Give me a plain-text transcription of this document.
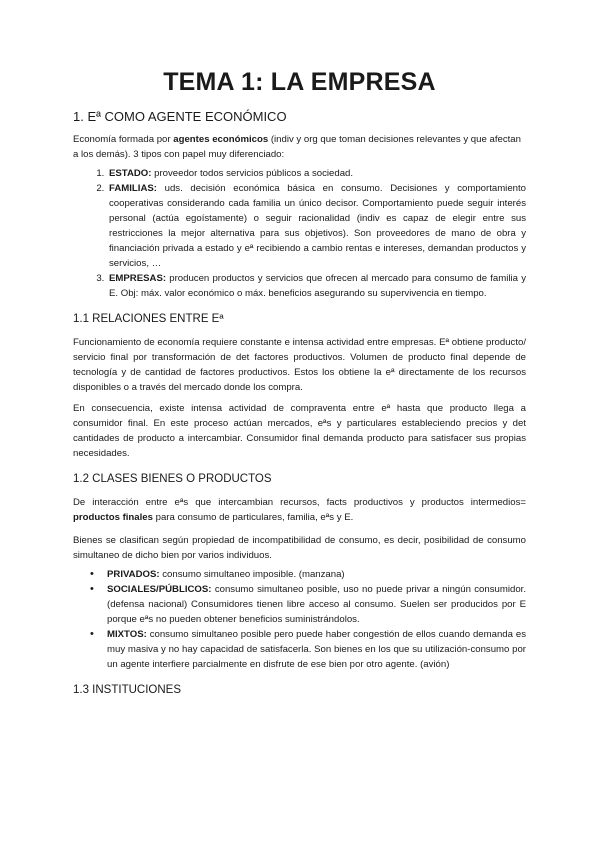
TEMA 1: LA EMPRESA
1. Eª COMO AGENTE ECONÓMICO

Economía formada por agentes económicos (indiv y org que toman decisiones relevantes y que afectan a los demás). 3 tipos con papel muy diferenciado:

1. ESTADO: proveedor todos servicios públicos a sociedad.
2. FAMILIAS: uds. decisión económica básica en consumo. Decisiones y comportamiento cooperativas considerando cada familia un único decisor. Comportamiento puede seguir interés personal (actúa egoístamente) o seguir racionalidad (indiv es capaz de elegir entre sus restricciones la mejor alternativa para sus objetivos). Son proveedores de mano de obra y financiación privada a estado y eª recibiendo a cambio rentas e intereses, demandan productos y servicios, …
3. EMPRESAS: producen productos y servicios que ofrecen al mercado para consumo de familia y E. Obj: máx. valor económico o máx. beneficios asegurando su supervivencia en tiempo.
1.1 RELACIONES ENTRE Eª

Funcionamiento de economía requiere constante e intensa actividad entre empresas. Eª obtiene producto/ servicio final por transformación de det factores productivos. Volumen de producto final depende de tecnología y de cantidad de factores productivos. Estos los obtiene la eª directamente de los recursos disponibles o a través del mercado donde los compra.

En consecuencia, existe intensa actividad de compraventa entre eª hasta que producto llega a consumidor final. En este proceso actúan mercados, eªs y particulares estableciendo precios y det cantidades de producto a intercambiar. Consumidor final demanda producto para satisfacer sus propias necesidades.

1.2 CLASES BIENES O PRODUCTOS

De interacción entre eªs que intercambian recursos, facts productivos y productos intermedios= productos finales para consumo de particulares, familia, eªs y E.

Bienes se clasifican según propiedad de incompatibilidad de consumo, es decir, posibilidad de consumo simultaneo de dicho bien por varios individuos.

• PRIVADOS: consumo simultaneo imposible. (manzana)
• SOCIALES/PÚBLICOS: consumo simultaneo posible, uso no puede privar a ningún consumidor. (defensa nacional) Consumidores tienen libre acceso al consumo. Suelen ser producidos por E porque eªs no pueden obtener beneficios suministrándolos.
• MIXTOS: consumo simultaneo posible pero puede haber congestión de ellos cuando demanda es muy masiva y no hay capacidad de satisfacerla. Son bienes en los que su utilización-consumo por un agente interfiere parcialmente en disfrute de ese bien por otro agente. (avión)
1.3 INSTITUCIONES
